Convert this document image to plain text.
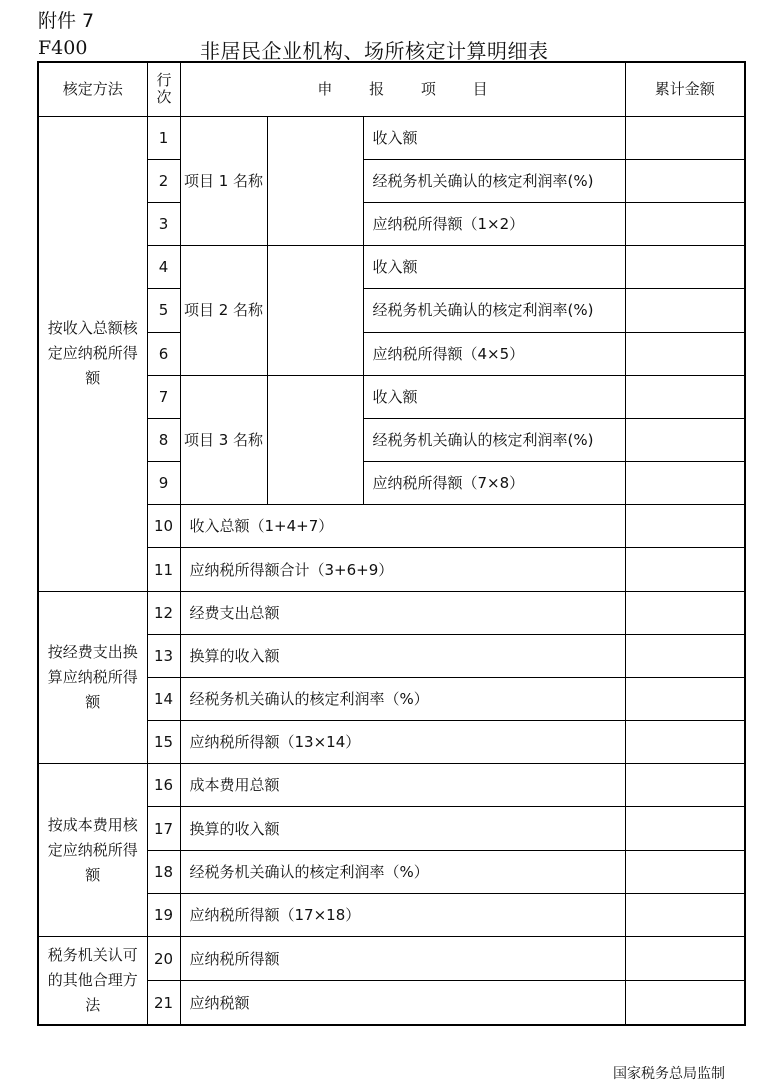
附件 7
F400	非居民企业机构、场所核定计算明细表
核定方法	行次	申 报 项 目			累计金额
按收入总额核定应纳税所得额	1	项目 1 名称		收入额	
	2			经税务机关确认的核定利润率(%)	
	3			应纳税所得额（1×2）	
	4	项目 2 名称		收入额	
	5			经税务机关确认的核定利润率(%)	
	6			应纳税所得额（4×5）	
	7	项目 3 名称		收入额	
	8			经税务机关确认的核定利润率(%)	
	9			应纳税所得额（7×8）	
	10	收入总额（1+4+7）			
	11	应纳税所得额合计（3+6+9）			
按经费支出换算应纳税所得额	12	经费支出总额			
	13	换算的收入额			
	14	经税务机关确认的核定利润率（%）			
	15	应纳税所得额（13×14）			
按成本费用核定应纳税所得额	16	成本费用总额			
	17	换算的收入额			
	18	经税务机关确认的核定利润率（%）			
	19	应纳税所得额（17×18）			
税务机关认可的其他合理方法	20	应纳税所得额			
	21	应纳税额			
国家税务总局监制
